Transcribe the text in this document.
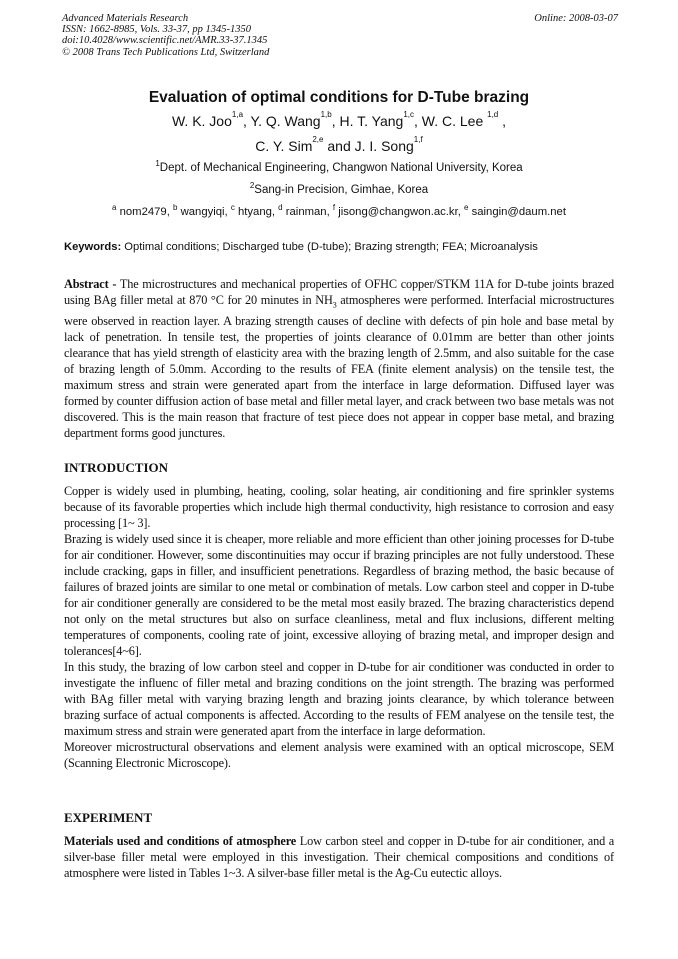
Advanced Materials Research
ISSN: 1662-8985, Vols. 33-37, pp 1345-1350
doi:10.4028/www.scientific.net/AMR.33-37.1345
© 2008 Trans Tech Publications Ltd, Switzerland
Online: 2008-03-07
Evaluation of optimal conditions for D-Tube brazing
W. K. Joo$^{1,a}$, Y. Q. Wang$^{1,b}$, H. T. Yang$^{1,c}$, W. C. Lee $^{1,d}$ ,
C. Y. Sim$^{2,e}$ and J. I. Song$^{1,f}$
$^1$Dept. of Mechanical Engineering, Changwon National University, Korea
$^2$Sang-in Precision, Gimhae, Korea
$^a$ nom2479, $^b$ wangyiqi, $^c$ htyang, $^d$ rainman, $^f$ jisong@changwon.ac.kr, $^e$ saingin@daum.net
Keywords: Optimal conditions; Discharged tube (D-tube); Brazing strength; FEA; Microanalysis
Abstract - The microstructures and mechanical properties of OFHC copper/STKM 11A for D-tube joints brazed using BAg filler metal at 870 °C for 20 minutes in $NH_3$ atmospheres were performed. Interfacial microstructures were observed in reaction layer. A brazing strength causes of decline with defects of pin hole and base metal by lack of penetration. In tensile test, the properties of joints clearance of 0.01mm are better than other joints clearance that has yield strength of elasticity area with the brazing length of 2.5mm, and also suitable for the case of brazing length of 5.0mm. According to the results of FEA (finite element analysis) on the tensile test, the maximum stress and strain were generated apart from the interface in large deformation. Diffused layer was formed by counter diffusion action of base metal and filler metal layer, and crack between two base metals was not discovered. This is the main reason that fracture of test piece does not appear in copper base metal, and brazing department forms good junctures.
INTRODUCTION
Copper is widely used in plumbing, heating, cooling, solar heating, air conditioning and fire sprinkler systems because of its favorable properties which include high thermal conductivity, high resistance to corrosion and easy processing [1~ 3].
Brazing is widely used since it is cheaper, more reliable and more efficient than other joining processes for D-tube for air conditioner. However, some discontinuities may occur if brazing principles are not fully understood. These include cracking, gaps in filler, and insufficient penetrations. Regardless of brazing method, the basic because of failures of brazed joints are similar to one metal or combination of metals. Low carbon steel and copper in D-tube for air conditioner generally are considered to be the metal most easily brazed. The brazing characteristics depend not only on the metal structures but also on surface cleanliness, metal and flux inclusions, different melting temperatures of components, cooling rate of joint, excessive alloying of brazing metal, and improper design and tolerances[4~6].
In this study, the brazing of low carbon steel and copper in D-tube for air conditioner was conducted in order to investigate the influenc of filler metal and brazing conditions on the joint strength. The brazing was performed with BAg filler metal with varying brazing length and brazing joints clearance, by which tolerance between brazing surface of actual components is affected. According to the results of FEM analyese on the tensile test, the maximum stress and strain were generated apart from the interface in large deformation.
Moreover microstructural observations and element analysis were examined with an optical microscope, SEM (Scanning Electronic Microscope).
EXPERIMENT
Materials used and conditions of atmosphere Low carbon steel and copper in D-tube for air conditioner, and a silver-base filler metal were employed in this investigation. Their chemical compositions and conditions of atmosphere were listed in Tables 1~3. A silver-base filler metal is the Ag-Cu eutectic alloys.
